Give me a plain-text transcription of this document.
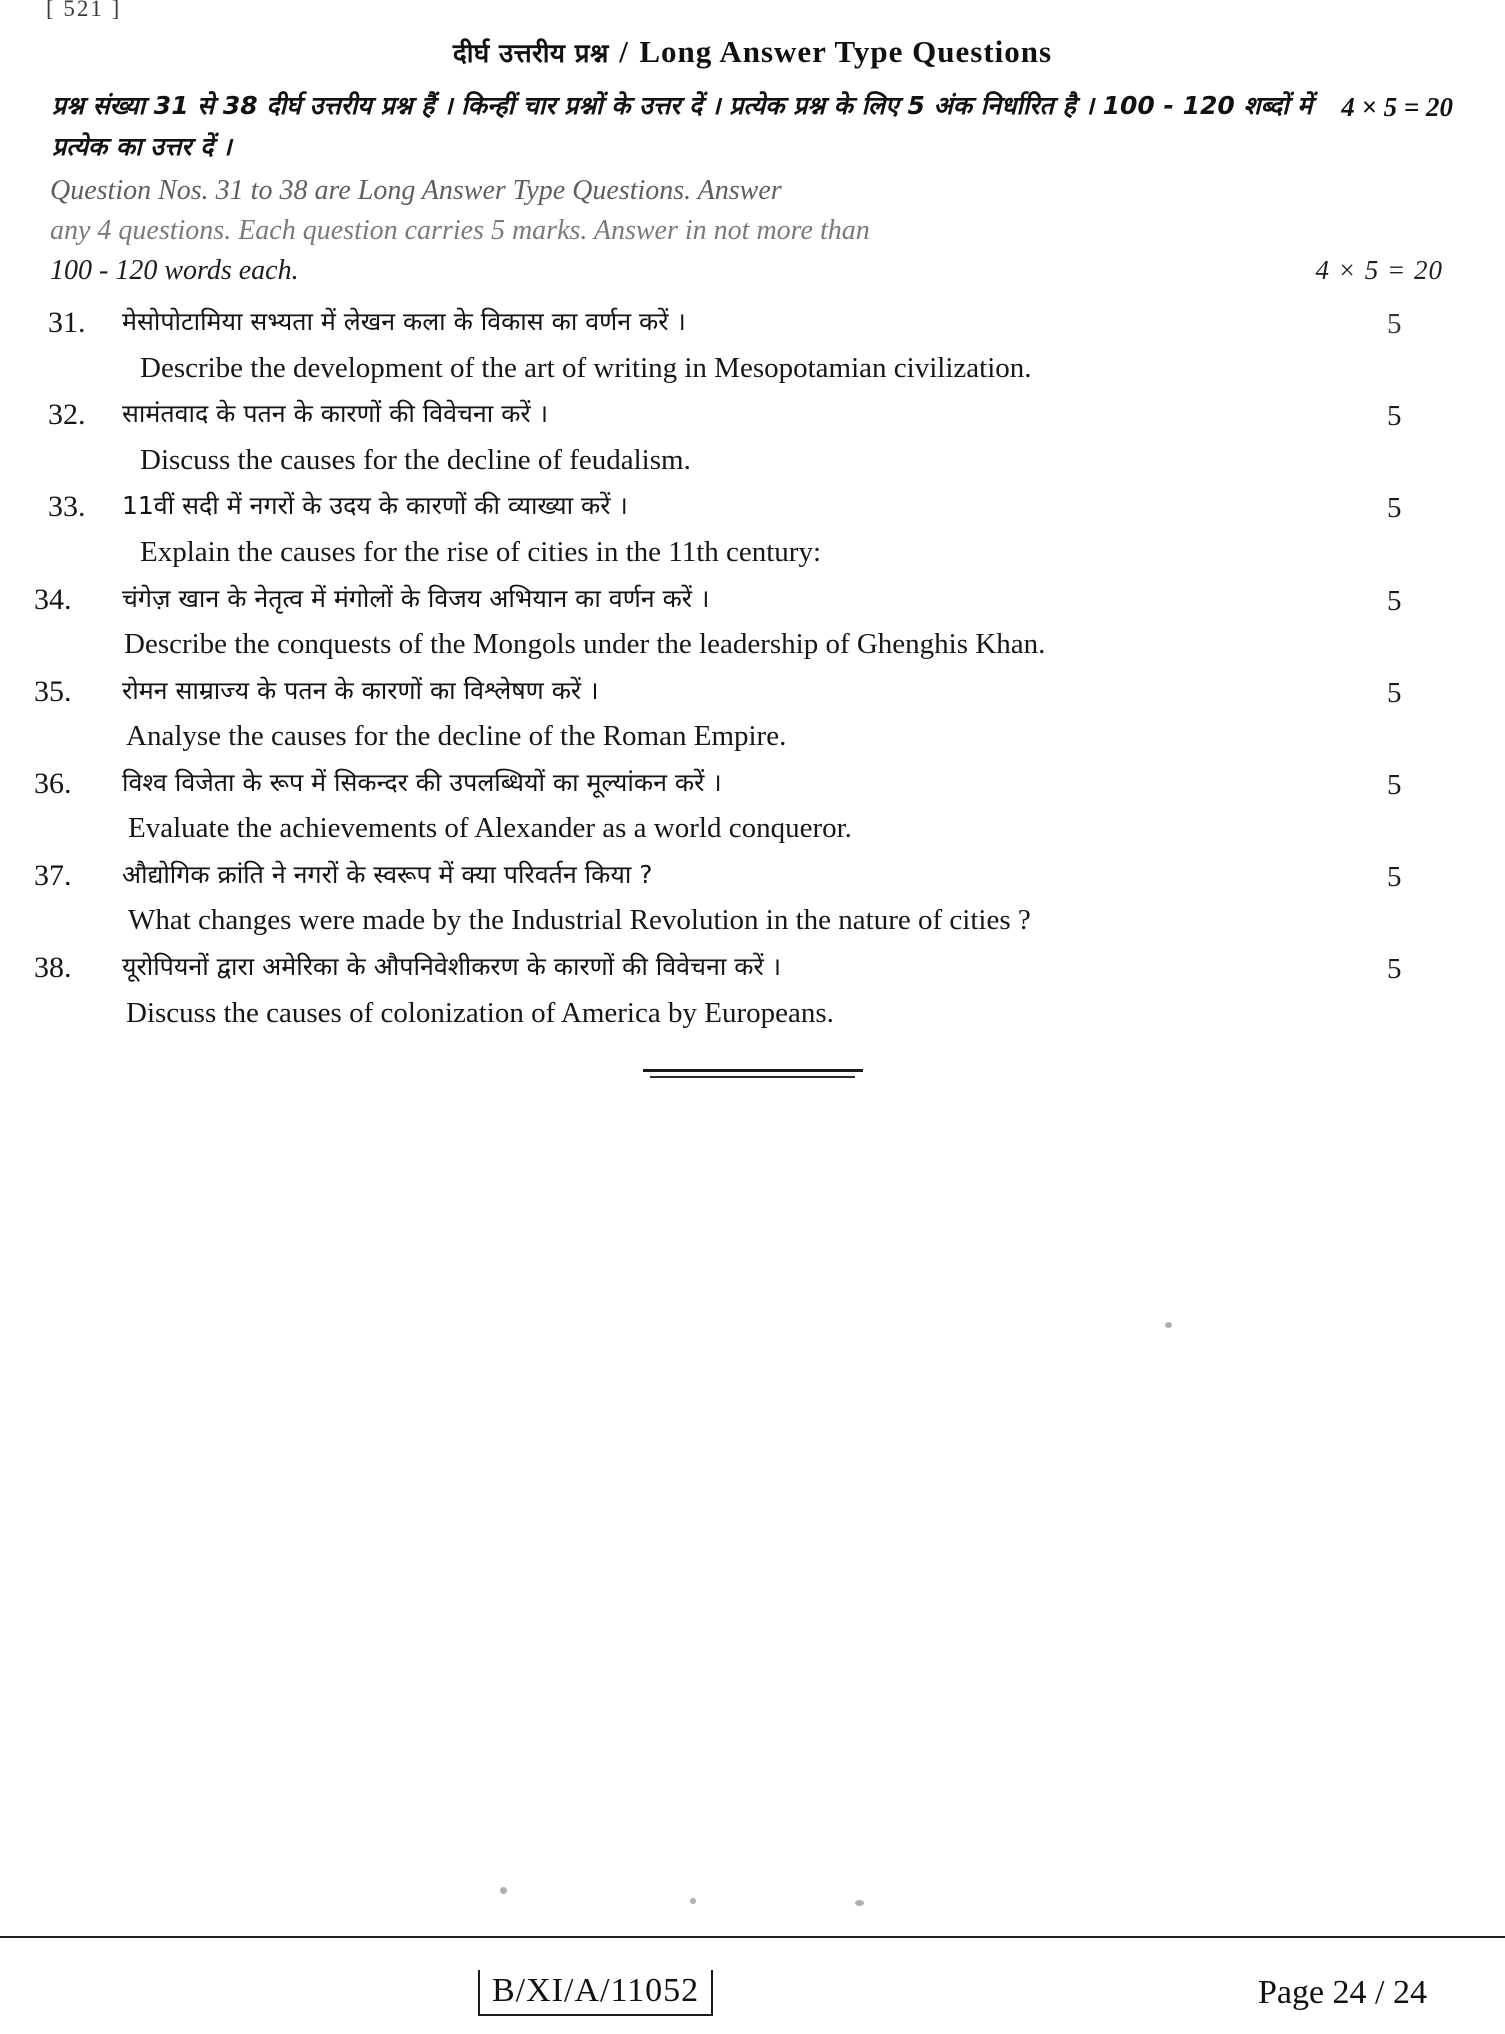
[ 521 ]
दीर्घ उत्तरीय प्रश्न / Long Answer Type Questions
4 × 5 = 20
प्रश्न संख्या 31 से 38 दीर्घ उत्तरीय प्रश्न हैं । किन्हीं चार प्रश्नों के उत्तर दें । प्रत्येक प्रश्न के लिए 5 अंक निर्धारित है । 100 - 120 शब्दों में प्रत्येक का उत्तर दें ।
Question Nos. 31 to 38 are Long Answer Type Questions. Answer
any 4 questions. Each question carries 5 marks. Answer in not more than
100 - 120 words each.	4 × 5 = 20
31.	मेसोपोटामिया सभ्यता में लेखन कला के विकास का वर्णन करें ।	5
Describe the development of the art of writing in Mesopotamian civilization.
32.	सामंतवाद के पतन के कारणों की विवेचना करें ।	5
Discuss the causes for the decline of feudalism.
33.	11वीं सदी में नगरों के उदय के कारणों की व्याख्या करें ।	5
Explain the causes for the rise of cities in the 11th century:
34.	चंगेज़ खान के नेतृत्व में मंगोलों के विजय अभियान का वर्णन करें ।	5
Describe the conquests of the Mongols under the leadership of Ghenghis Khan.
35.	रोमन साम्राज्य के पतन के कारणों का विश्लेषण करें ।	5
Analyse the causes for the decline of the Roman Empire.
36.	विश्व विजेता के रूप में सिकन्दर की उपलब्धियों का मूल्यांकन करें ।	5
Evaluate the achievements of Alexander as a world conqueror.
37.	औद्योगिक क्रांति ने नगरों के स्वरूप में क्या परिवर्तन किया ?	5
What changes were made by the Industrial Revolution in the nature of cities ?
38.	यूरोपियनों द्वारा अमेरिका के औपनिवेशीकरण के कारणों की विवेचना करें ।	5
Discuss the causes of colonization of America by Europeans.
B/XI/A/11052	Page 24 / 24
